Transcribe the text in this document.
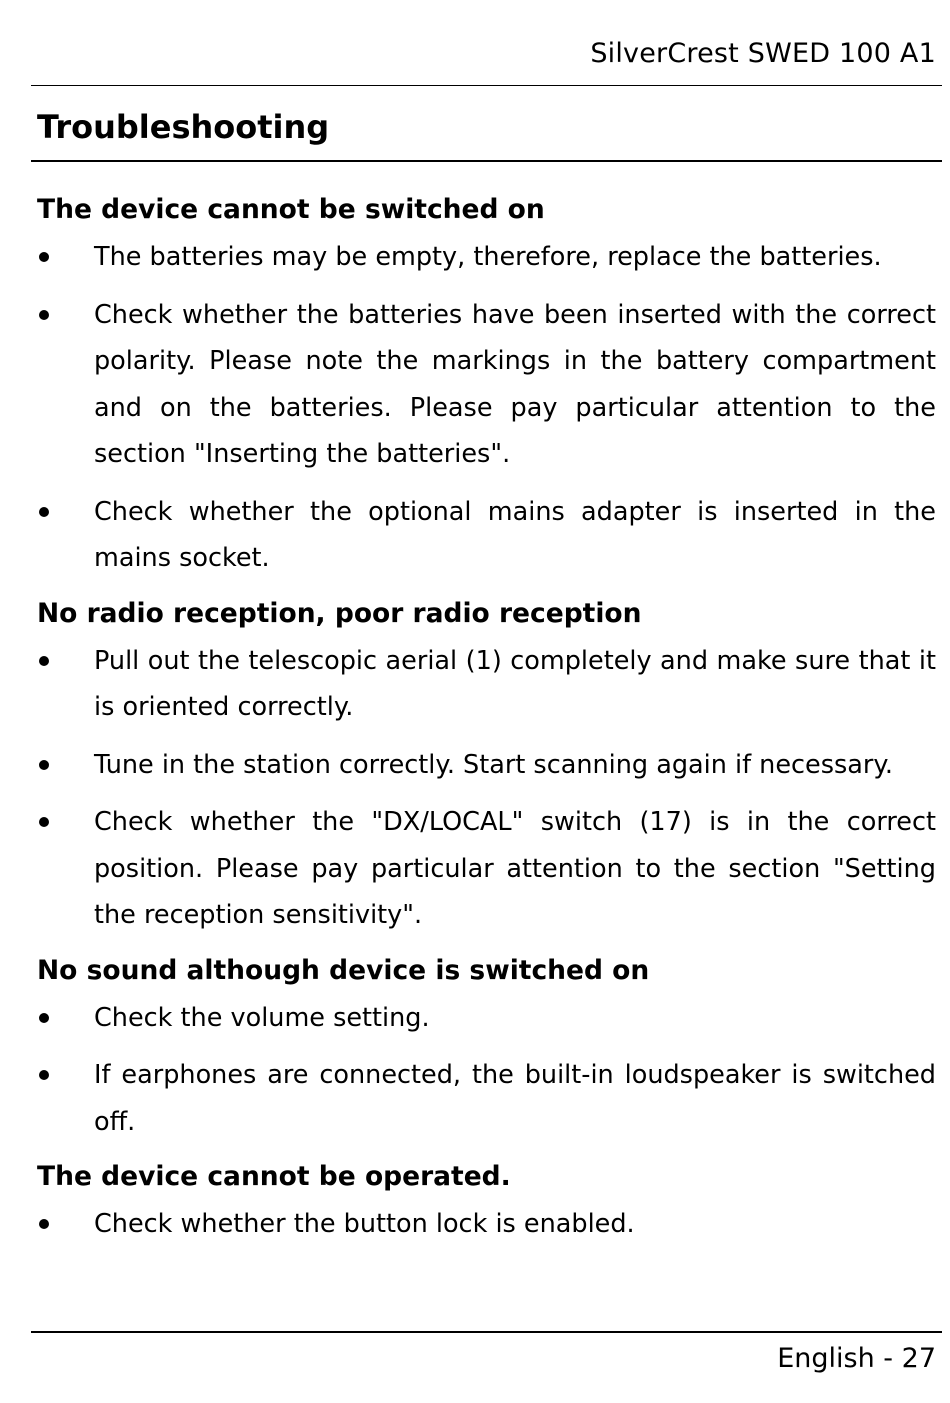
SilverCrest SWED 100 A1
Troubleshooting
The device cannot be switched on
The batteries may be empty, therefore, replace the batteries.
Check whether the batteries have been inserted with the correct polarity. Please note the markings in the battery compartment and on the batteries. Please pay particular attention to the section "Inserting the batteries".
Check whether the optional mains adapter is inserted in the mains socket.
No radio reception, poor radio reception
Pull out the telescopic aerial (1) completely and make sure that it is oriented correctly.
Tune in the station correctly. Start scanning again if necessary.
Check whether the "DX/LOCAL" switch (17) is in the correct position. Please pay particular attention to the section "Setting the reception sensitivity".
No sound although device is switched on
Check the volume setting.
If earphones are connected, the built-in loudspeaker is switched off.
The device cannot be operated.
Check whether the button lock is enabled.
English - 27
